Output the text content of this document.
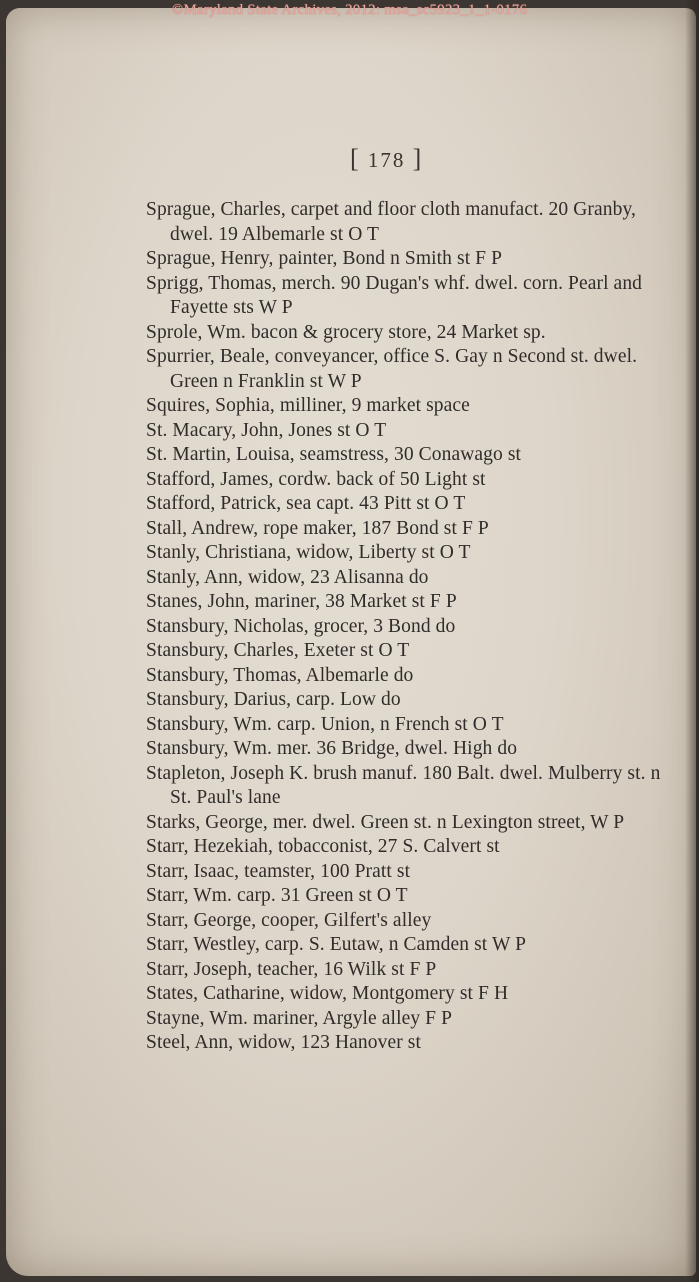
©Maryland State Archives, 2012: msa_sc5923_1_1-0176
[ 178 ]
Sprague, Charles, carpet and floor cloth manufact. 20 Granby, dwel. 19 Albemarle st O T
Sprague, Henry, painter, Bond n Smith st F P
Sprigg, Thomas, merch. 90 Dugan's whf. dwel. corn. Pearl and Fayette sts W P
Sprole, Wm. bacon & grocery store, 24 Market sp.
Spurrier, Beale, conveyancer, office S. Gay n Second st. dwel. Green n Franklin st W P
Squires, Sophia, milliner, 9 market space
St. Macary, John, Jones st O T
St. Martin, Louisa, seamstress, 30 Conawago st
Stafford, James, cordw. back of 50 Light st
Stafford, Patrick, sea capt. 43 Pitt st O T
Stall, Andrew, rope maker, 187 Bond st F P
Stanly, Christiana, widow, Liberty st O T
Stanly, Ann, widow, 23 Alisanna do
Stanes, John, mariner, 38 Market st F P
Stansbury, Nicholas, grocer, 3 Bond do
Stansbury, Charles, Exeter st O T
Stansbury, Thomas, Albemarle do
Stansbury, Darius, carp. Low do
Stansbury, Wm. carp. Union, n French st O T
Stansbury, Wm. mer. 36 Bridge, dwel. High do
Stapleton, Joseph K. brush manuf. 180 Balt. dwel. Mulberry st. n St. Paul's lane
Starks, George, mer. dwel. Green st. n Lexington street, W P
Starr, Hezekiah, tobacconist, 27 S. Calvert st
Starr, Isaac, teamster, 100 Pratt st
Starr, Wm. carp. 31 Green st O T
Starr, George, cooper, Gilfert's alley
Starr, Westley, carp. S. Eutaw, n Camden st W P
Starr, Joseph, teacher, 16 Wilk st F P
States, Catharine, widow, Montgomery st F H
Stayne, Wm. mariner, Argyle alley F P
Steel, Ann, widow, 123 Hanover st
